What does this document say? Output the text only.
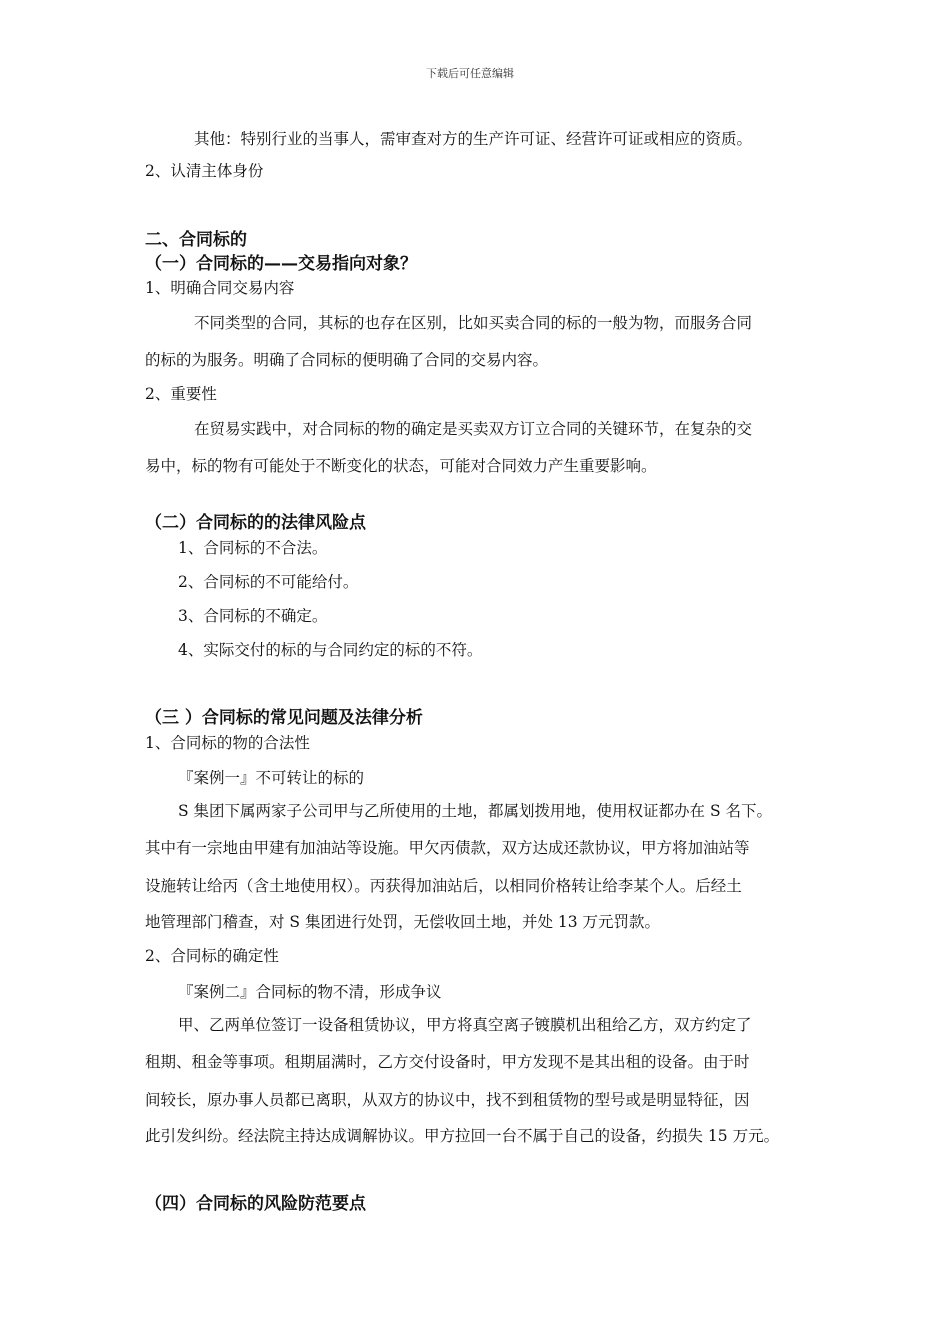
下载后可任意编辑
其他：特别行业的当事人，需审查对方的生产许可证、经营许可证或相应的资质。
2、认清主体身份
二、合同标的
（一）合同标的——交易指向对象？
1、明确合同交易内容
不同类型的合同，其标的也存在区别，比如买卖合同的标的一般为物，而服务合同
的标的为服务。明确了合同标的便明确了合同的交易内容。
2、重要性
在贸易实践中，对合同标的物的确定是买卖双方订立合同的关键环节，在复杂的交
易中，标的物有可能处于不断变化的状态，可能对合同效力产生重要影响。
（二）合同标的的法律风险点
1、合同标的不合法。
2、合同标的不可能给付。
3、合同标的不确定。
4、实际交付的标的与合同约定的标的不符。
（三 ）合同标的常见问题及法律分析
1、合同标的物的合法性
『案例一』不可转让的标的
S 集团下属两家子公司甲与乙所使用的土地，都属划拨用地，使用权证都办在 S 名下。
其中有一宗地由甲建有加油站等设施。甲欠丙债款，双方达成还款协议，甲方将加油站等
设施转让给丙（含土地使用权）。丙获得加油站后，以相同价格转让给李某个人。后经土
地管理部门稽查，对 S 集团进行处罚，无偿收回土地，并处 13 万元罚款。
2、合同标的确定性
『案例二』合同标的物不清，形成争议
甲、乙两单位签订一设备租赁协议，甲方将真空离子镀膜机出租给乙方，双方约定了
租期、租金等事项。租期届满时，乙方交付设备时，甲方发现不是其出租的设备。由于时
间较长，原办事人员都已离职，从双方的协议中，找不到租赁物的型号或是明显特征，因
此引发纠纷。经法院主持达成调解协议。甲方拉回一台不属于自己的设备，约损失 15 万元。
（四）合同标的风险防范要点
